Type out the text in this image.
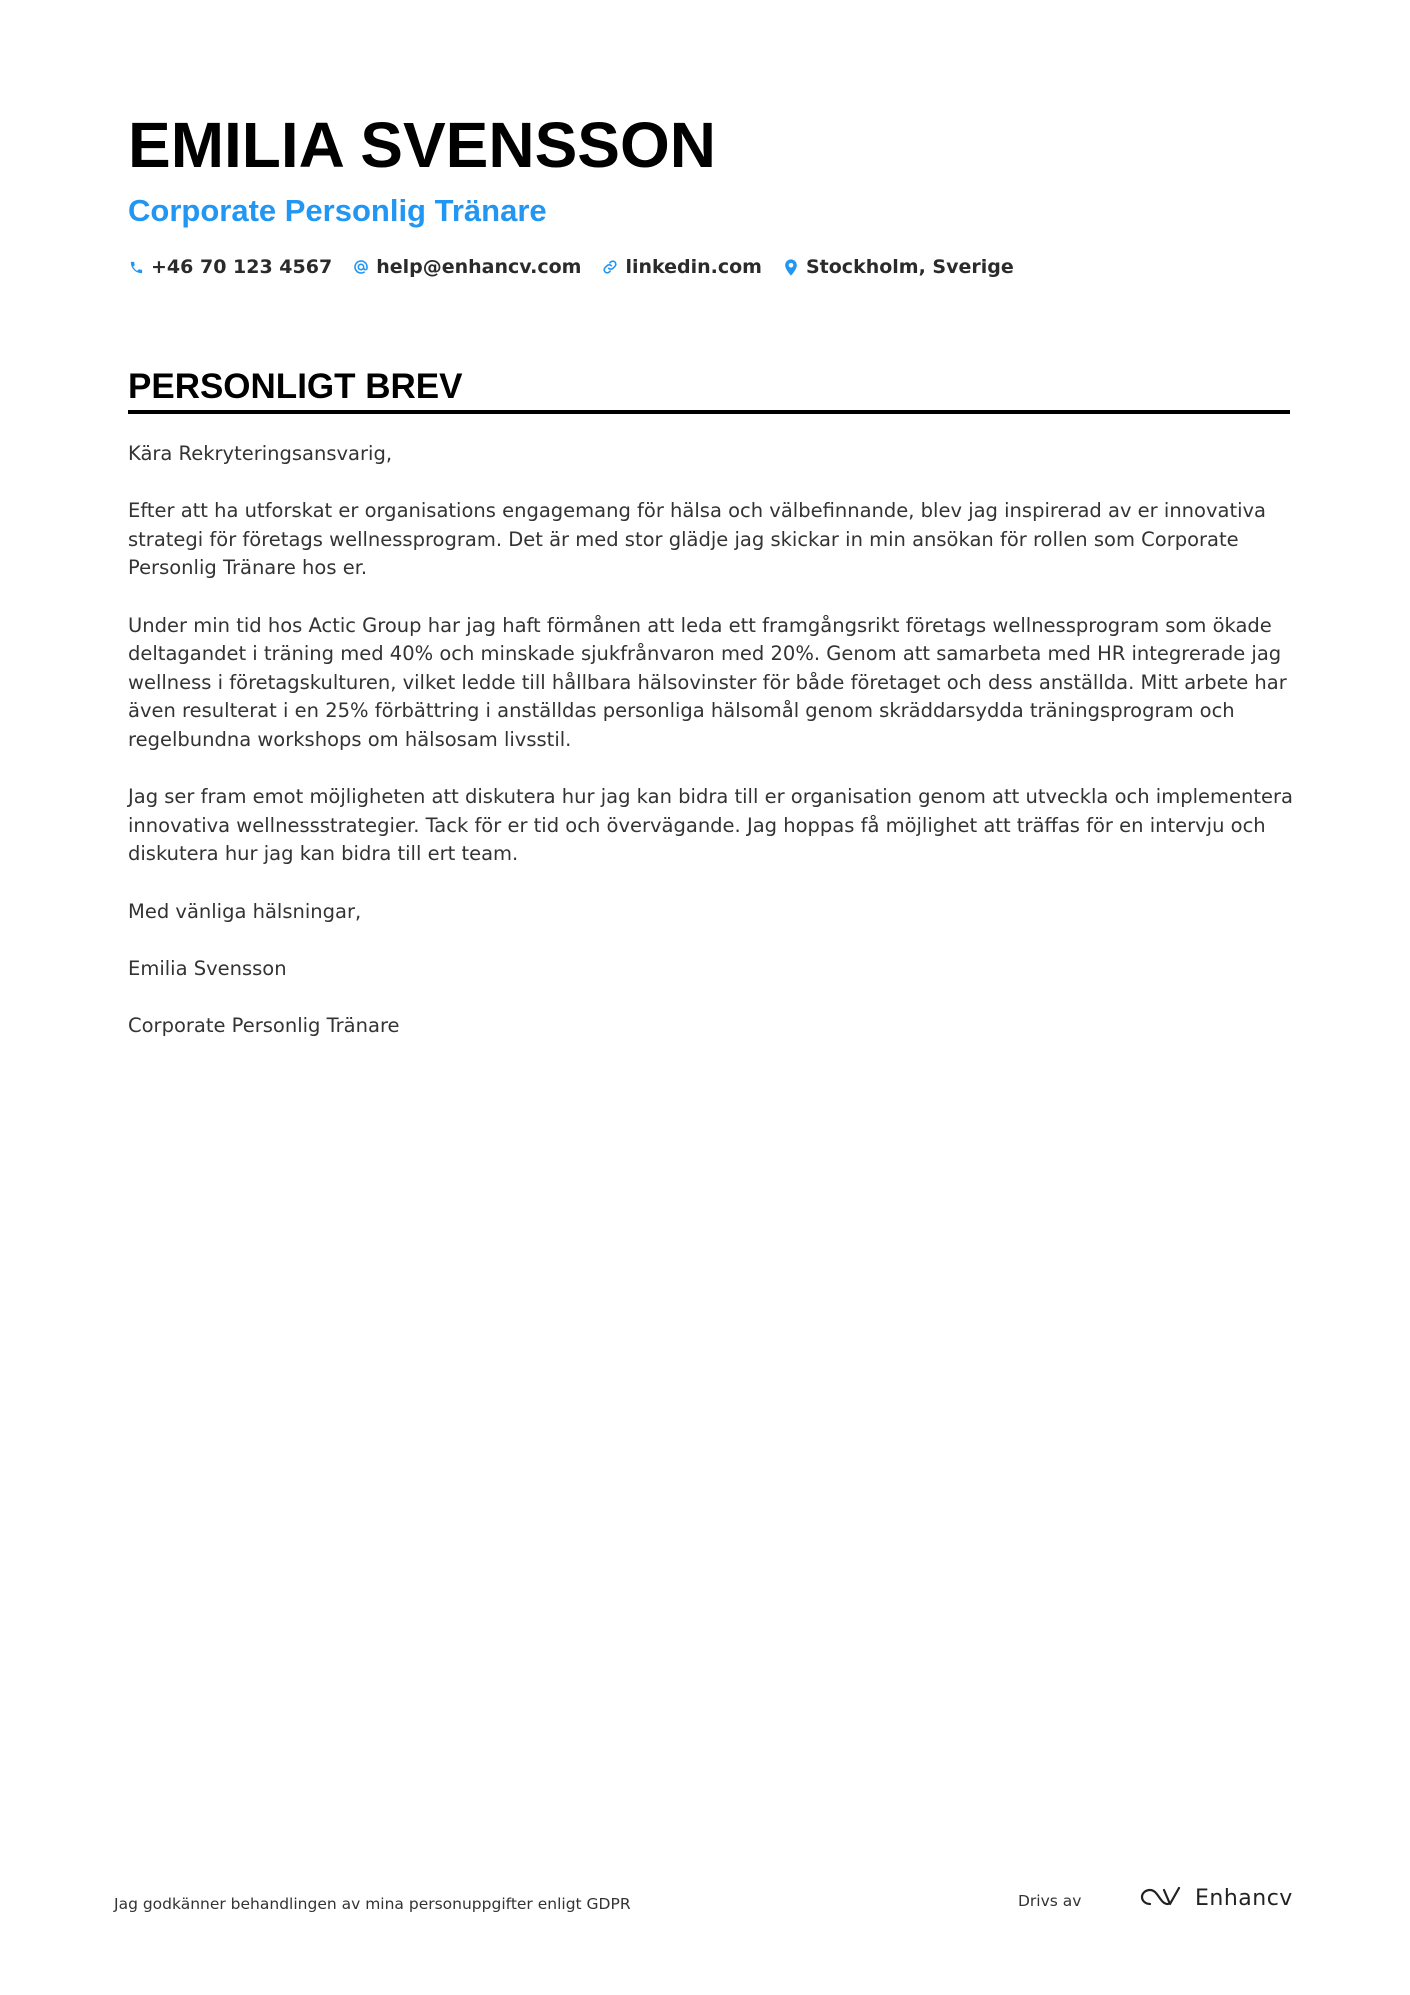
EMILIA SVENSSON
Corporate Personlig Tränare
+46 70 123 4567 help@enhancv.com linkedin.com Stockholm, Sverige
PERSONLIGT BREV

Kära Rekryteringsansvarig,

Efter att ha utforskat er organisations engagemang för hälsa och välbefinnande, blev jag inspirerad av er innovativa strategi för företags wellnessprogram. Det är med stor glädje jag skickar in min ansökan för rollen som Corporate Personlig Tränare hos er.

Under min tid hos Actic Group har jag haft förmånen att leda ett framgångsrikt företags wellnessprogram som ökade deltagandet i träning med 40% och minskade sjukfrånvaron med 20%. Genom att samarbeta med HR integrerade jag wellness i företagskulturen, vilket ledde till hållbara hälsovinster för både företaget och dess anställda. Mitt arbete har även resulterat i en 25% förbättring i anställdas personliga hälsomål genom skräddarsydda träningsprogram och regelbundna workshops om hälsosam livsstil.

Jag ser fram emot möjligheten att diskutera hur jag kan bidra till er organisation genom att utveckla och implementera innovativa wellnessstrategier. Tack för er tid och övervägande. Jag hoppas få möjlighet att träffas för en intervju och diskutera hur jag kan bidra till ert team.

Med vänliga hälsningar,

Emilia Svensson

Corporate Personlig Tränare

Jag godkänner behandlingen av mina personuppgifter enligt GDPR	Drivs av	Enhancv
